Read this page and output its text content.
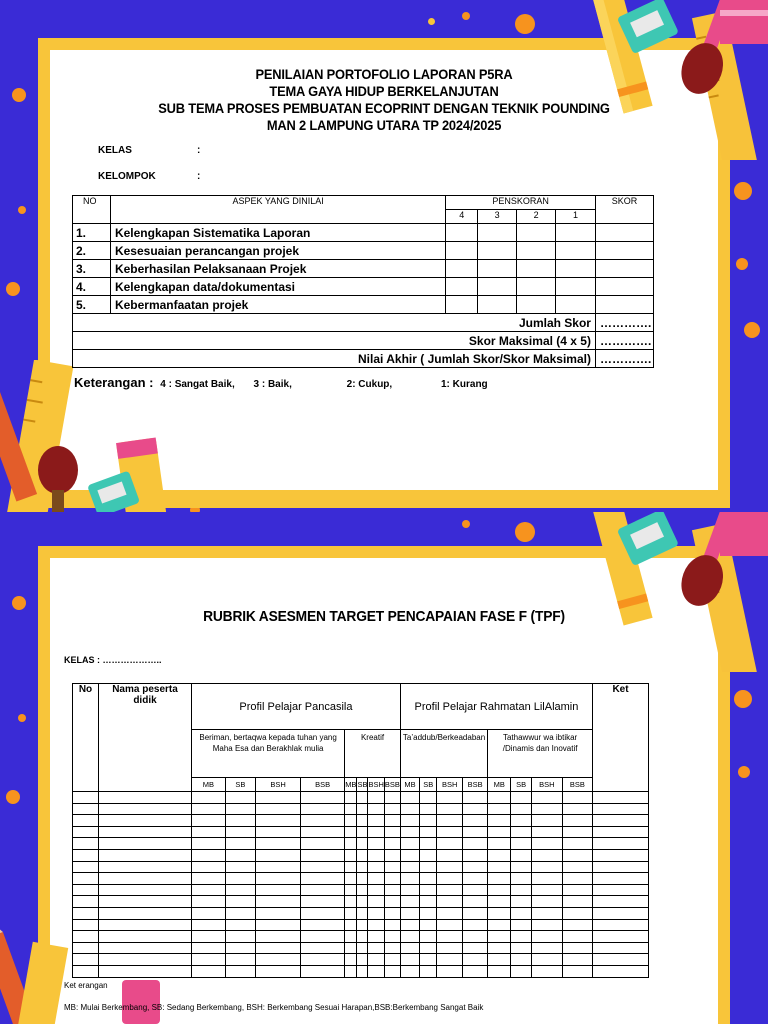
PENILAIAN PORTOFOLIO LAPORAN P5RA
TEMA GAYA HIDUP BERKELANJUTAN
SUB TEMA PROSES PEMBUATAN ECOPRINT DENGAN TEKNIK POUNDING
MAN 2 LAMPUNG UTARA TP 2024/2025
KELAS	:
KELOMPOK	:
NO	ASPEK YANG DINILAI	PENSKORAN				SKOR
		4	3	2	1	
1.	Kelengkapan Sistematika Laporan					
2.	Kesesuaian perancangan projek					
3.	Keberhasilan Pelaksanaan Projek					
4.	Kelengkapan data/dokumentasi					
5.	Kebermanfaatan projek					
Jumlah Skor						………….
Skor Maksimal (4 x 5)						………….
Nilai Akhir ( Jumlah Skor/Skor Maksimal)						………….
Keterangan : 4 : Sangat Baik, 3 : Baik,	2: Cukup,	1: Kurang
RUBRIK ASESMEN TARGET PENCAPAIAN FASE F (TPF)
KELAS : ………………..
No	Nama peserta didik	Profil Pelajar Pancasila								Profil Pelajar Rahmatan LilAlamin								Ket
		Beriman, bertaqwa kepada tuhan yang Maha Esa dan Berakhlak mulia				Kreatif				Ta’addub/Berkeadaban				Tathawwur wa ibtikar /Dinamis dan Inovatif				
		MB	SB	BSH	BSB	MB	SB	BSH	BSB	MB	SB	BSH	BSB	MB	SB	BSH	BSB	

Ket erangan
MB: Mulai Berkembang, SB: Sedang Berkembang, BSH: Berkembang Sesuai Harapan,BSB:Berkembang Sangat Baik
